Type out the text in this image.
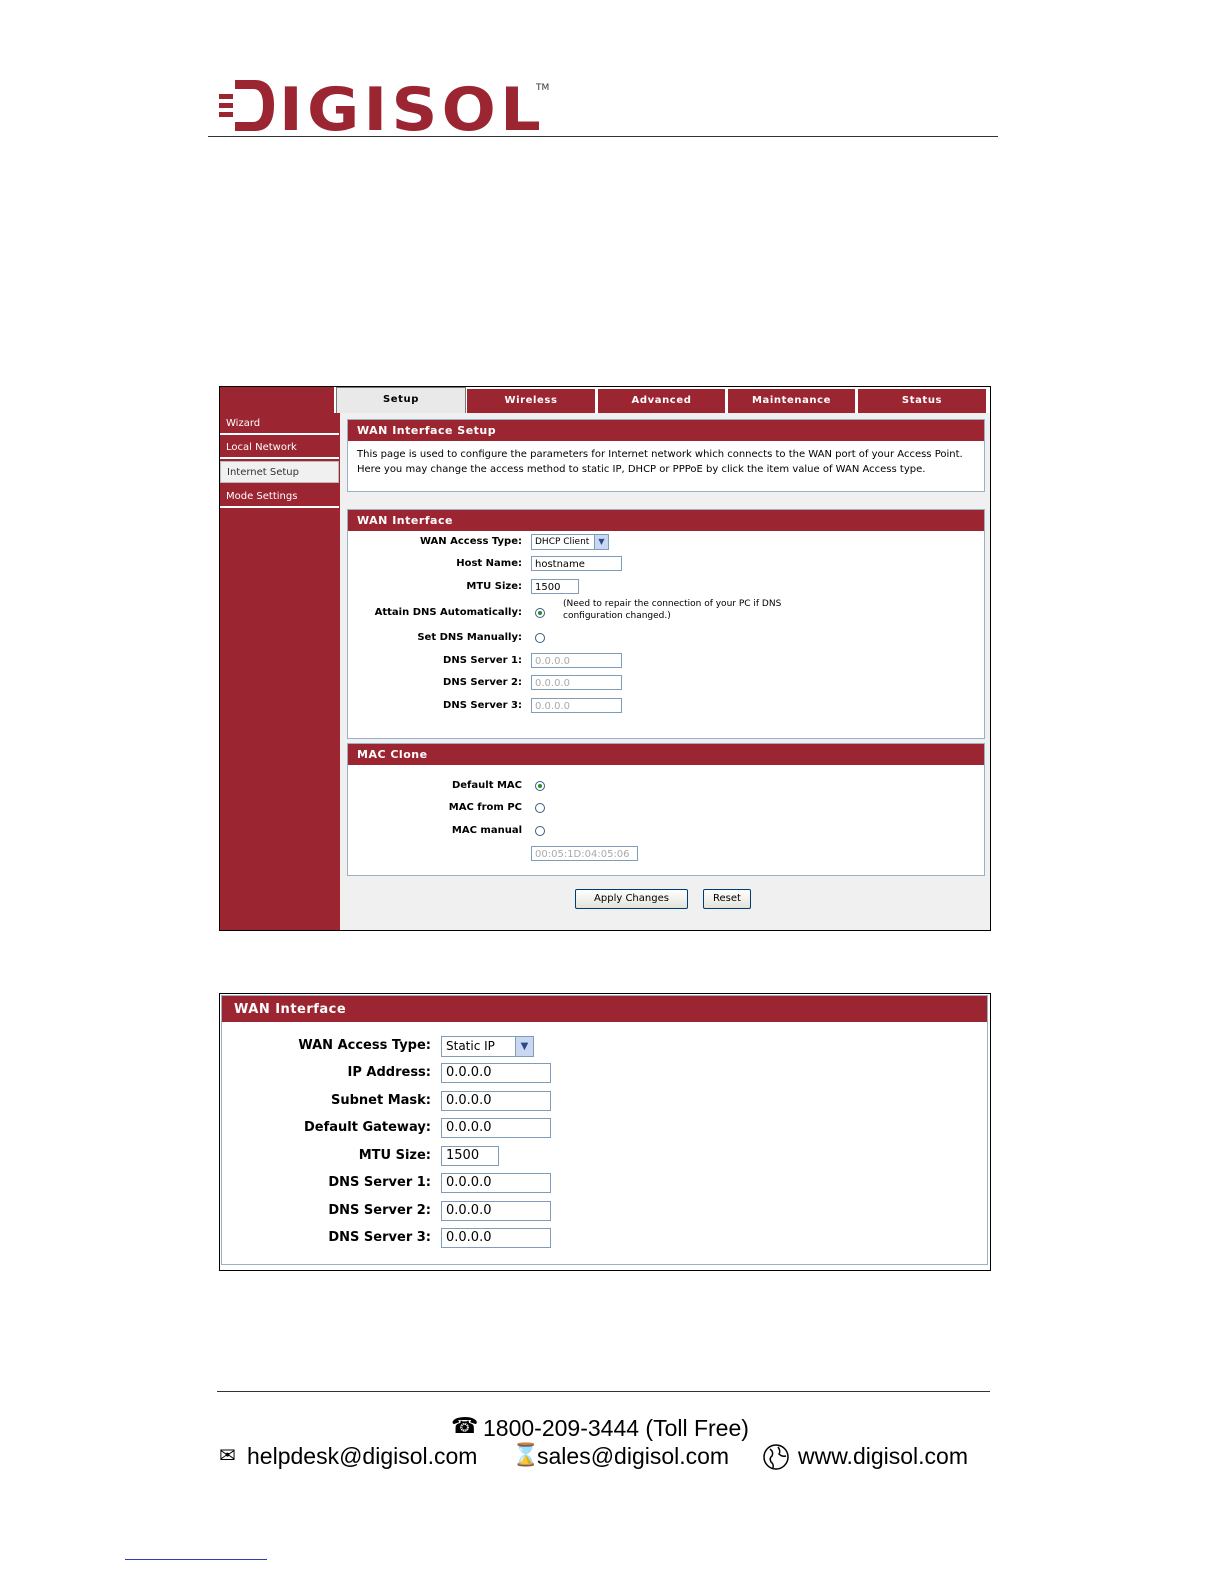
IGISOL
TM
Setup	Wireless	Advanced	Maintenance	Status
Wizard
Local Network
Internet Setup
Mode Settings
WAN Interface Setup
This page is used to configure the parameters for Internet network which connects to the WAN port of your Access Point. Here you may change the access method to static IP, DHCP or PPPoE by click the item value of WAN Access type.
WAN Interface
WAN Access Type:	DHCP Client	▼
Host Name:	hostname
MTU Size:	1500
Attain DNS Automatically:
(Need to repair the connection of your PC if DNS configuration changed.)
Set DNS Manually:
DNS Server 1:	0.0.0.0
DNS Server 2:	0.0.0.0
DNS Server 3:	0.0.0.0
MAC Clone
Default MAC
MAC from PC
MAC manual
00:05:1D:04:05:06
Apply Changes	Reset
WAN Interface
WAN Access Type:	Static IP	▼
IP Address:	0.0.0.0
Subnet Mask:	0.0.0.0
Default Gateway:	0.0.0.0
MTU Size:	1500
DNS Server 1:	0.0.0.0
DNS Server 2:	0.0.0.0
DNS Server 3:	0.0.0.0
☎ 1800-209-3444 (Toll Free)
✉ helpdesk@digisol.com ⌛
sales@digisol.com	www.digisol.com
